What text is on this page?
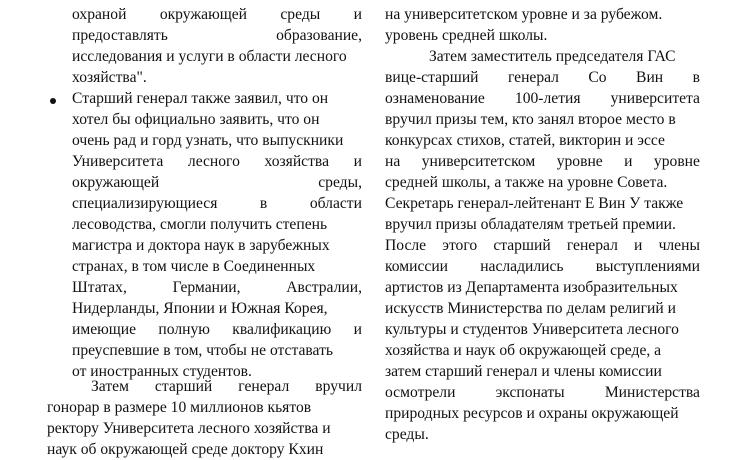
охраной окружающей среды и
предоставлять	образование,
исследования и услуги в области лесного
хозяйства".
Старший генерал также заявил, что он
хотел бы официально заявить, что он
очень рад и горд узнать, что выпускники
Университета лесного хозяйства и
окружающей	среды,
специализирующиеся	в	области
лесоводства, смогли получить степень
магистра и доктора наук в зарубежных
странах, в том числе в Соединенных
Штатах,	Германии,	Австралии,
Нидерланды, Японии и Южная Корея,
имеющие полную квалификацию и
преуспевшие в том, чтобы не отставать
от иностранных студентов.
Затем старший генерал вручил
гонорар в размере 10 миллионов кьятов
ректору Университета лесного хозяйства и
наук об окружающей среде доктору Кхин
на университетском уровне и за рубежом.
уровень средней школы.
Затем заместитель председателя ГАС
вице-старший генерал Со Вин в
ознаменование 100-летия университета
вручил призы тем, кто занял второе место в
конкурсах стихов, статей, викторин и эссе
на университетском уровне и уровне
средней школы, а также на уровне Совета.
Секретарь генерал-лейтенант Е Вин У также
вручил призы обладателям третьей премии.
После этого старший генерал и члены
комиссии насладились выступлениями
артистов из Департамента изобразительных
искусств Министерства по делам религий и
культуры и студентов Университета лесного
хозяйства и наук об окружающей среде, а
затем старший генерал и члены комиссии
осмотрели	экспонаты	Министерства
природных ресурсов и охраны окружающей
среды.
